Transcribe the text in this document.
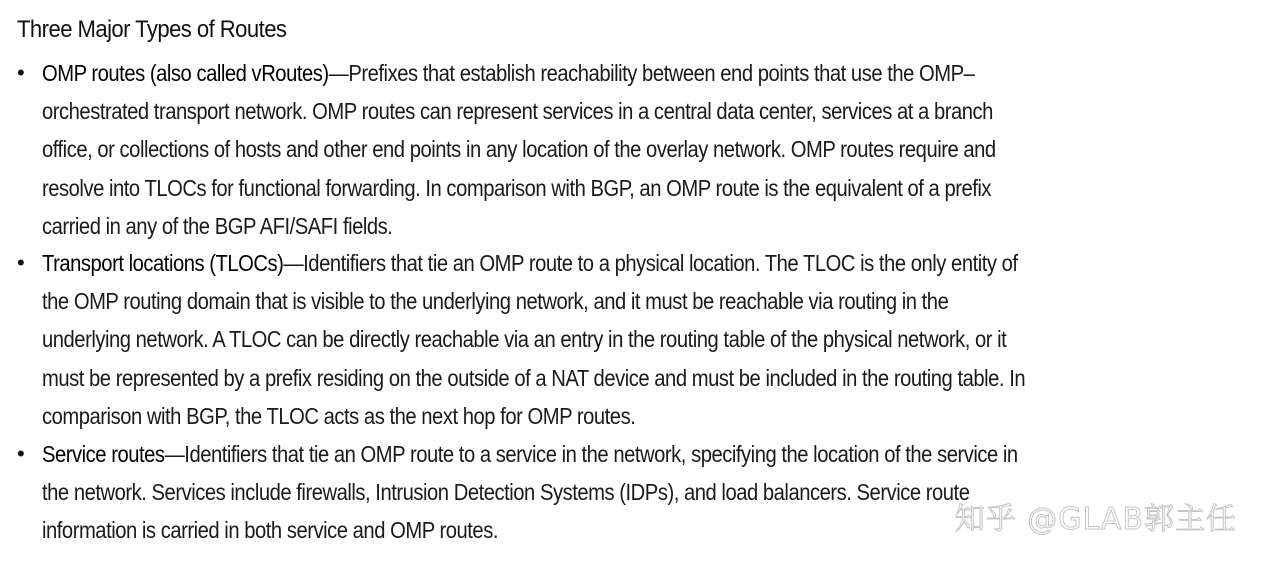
Three Major Types of Routes
• OMP routes (also called vRoutes)—Prefixes that establish reachability between end points that use the OMP–
orchestrated transport network. OMP routes can represent services in a central data center, services at a branch
office, or collections of hosts and other end points in any location of the overlay network. OMP routes require and
resolve into TLOCs for functional forwarding. In comparison with BGP, an OMP route is the equivalent of a prefix
carried in any of the BGP AFI/SAFI fields.
• Transport locations (TLOCs)—Identifiers that tie an OMP route to a physical location. The TLOC is the only entity of
the OMP routing domain that is visible to the underlying network, and it must be reachable via routing in the
underlying network. A TLOC can be directly reachable via an entry in the routing table of the physical network, or it
must be represented by a prefix residing on the outside of a NAT device and must be included in the routing table. In
comparison with BGP, the TLOC acts as the next hop for OMP routes.
• Service routes—Identifiers that tie an OMP route to a service in the network, specifying the location of the service in
the network. Services include firewalls, Intrusion Detection Systems (IDPs), and load balancers. Service route
information is carried in both service and OMP routes.	知乎 @GLAB郭主任
